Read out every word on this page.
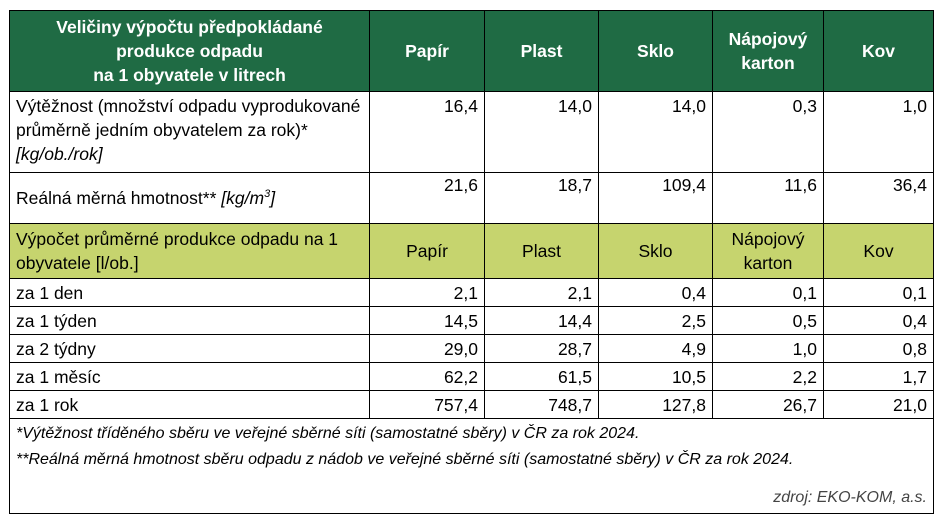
Veličiny výpočtu předpokládané
produkce odpadu
na 1 obyvatele v litrech	Papír	Plast	Sklo	Nápojový karton	Kov
Výtěžnost (množství odpadu vyprodukované průměrně jedním obyvatelem za rok)* [kg/ob./rok]	16,4	14,0	14,0	0,3	1,0
Reálná měrná hmotnost** $[kg/m^3]$	21,6	18,7	109,4	11,6	36,4
Výpočet průměrné produkce odpadu na 1 obyvatele [l/ob.]	Papír	Plast	Sklo	Nápojový karton	Kov
za 1 den	2,1	2,1	0,4	0,1	0,1
za 1 týden	14,5	14,4	2,5	0,5	0,4
za 2 týdny	29,0	28,7	4,9	1,0	0,8
za 1 měsíc	62,2	61,5	10,5	2,2	1,7
za 1 rok	757,4	748,7	127,8	26,7	21,0

*Výtěžnost tříděného sběru ve veřejné sběrné síti (samostatné sběry) v ČR za rok 2024.
**Reálná měrná hmotnost sběru odpadu z nádob ve veřejné sběrné síti (samostatné sběry) v ČR za rok 2024.
zdroj: EKO-KOM, a.s.					
